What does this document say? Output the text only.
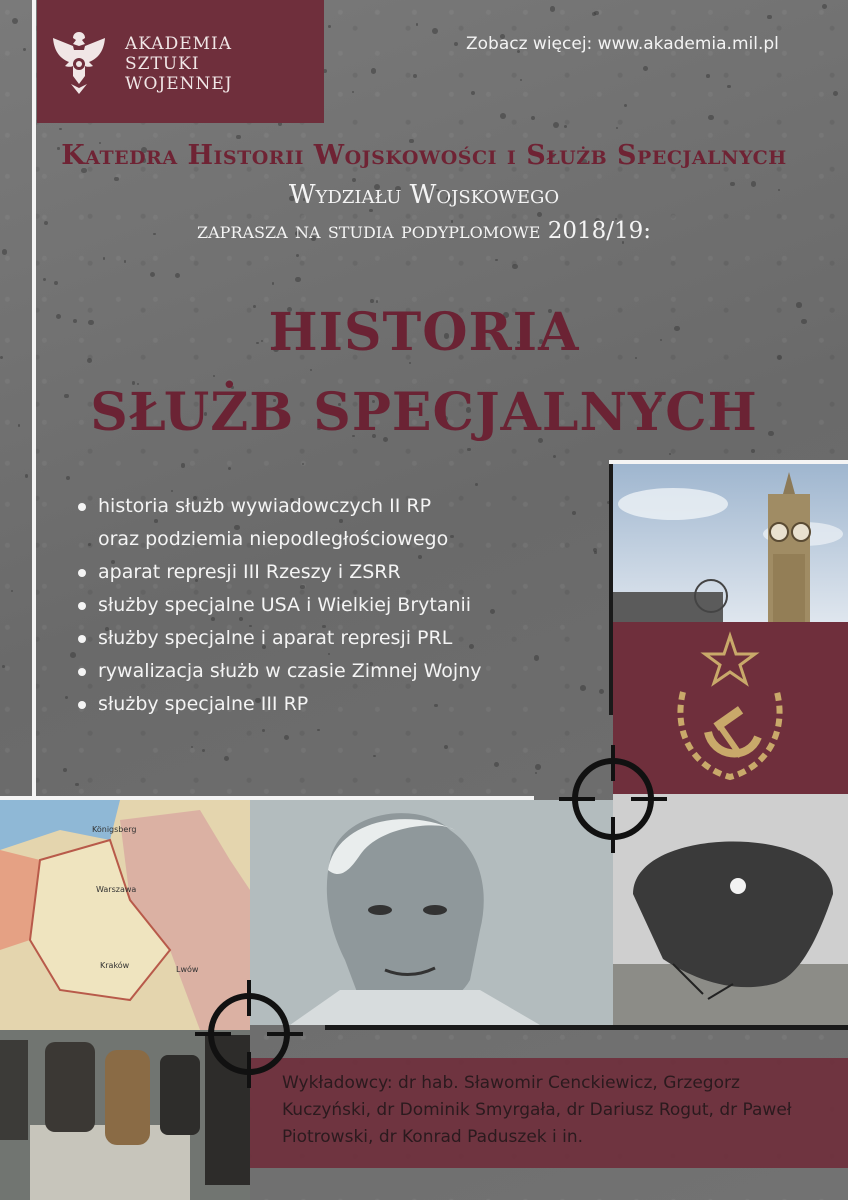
AKADEMIA
SZTUKI
WOJENNEJ
Zobacz więcej: www.akademia.mil.pl
Katedra Historii Wojskowości i Służb Specjalnych
Wydziału Wojskowego
zaprasza na studia podyplomowe 2018/19:
HISTORIA
SŁUŻB SPECJALNYCH
historia służb wywiadowczych II RP
oraz podziemia niepodległościowego
aparat represji III Rzeszy i ZSRR
służby specjalne USA i Wielkiej Brytanii
służby specjalne i aparat represji PRL
rywalizacja służb w czasie Zimnej Wojny
służby specjalne III RP
Königsberg
Warszawa
Kraków	Lwów
Wykładowcy: dr hab. Sławomir Cenckiewicz, Grzegorz Kuczyński, dr Dominik Smyrgała, dr Dariusz Rogut, dr Paweł Piotrowski, dr Konrad Paduszek i in.
